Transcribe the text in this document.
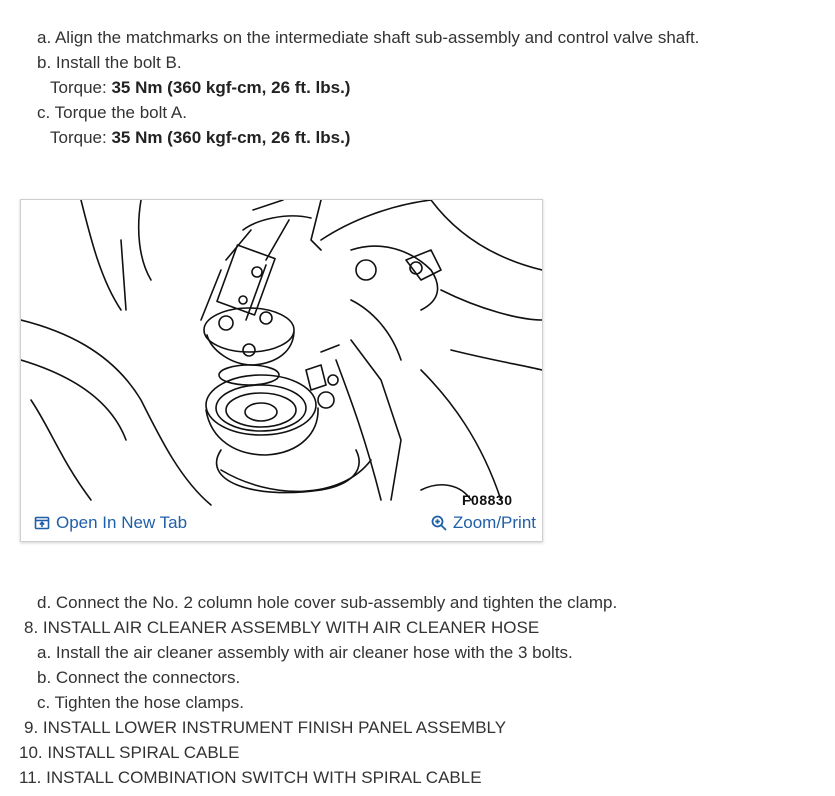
a. Align the matchmarks on the intermediate shaft sub-assembly and control valve shaft.
b. Install the bolt B.
Torque: 35 Nm (360 kgf-cm, 26 ft. lbs.)
c. Torque the bolt A.
Torque: 35 Nm (360 kgf-cm, 26 ft. lbs.)
F08830
Open In New Tab	Zoom/Print
d. Connect the No. 2 column hole cover sub-assembly and tighten the clamp.
8. INSTALL AIR CLEANER ASSEMBLY WITH AIR CLEANER HOSE
a. Install the air cleaner assembly with air cleaner hose with the 3 bolts.
b. Connect the connectors.
c. Tighten the hose clamps.
9. INSTALL LOWER INSTRUMENT FINISH PANEL ASSEMBLY
10. INSTALL SPIRAL CABLE
11. INSTALL COMBINATION SWITCH WITH SPIRAL CABLE
